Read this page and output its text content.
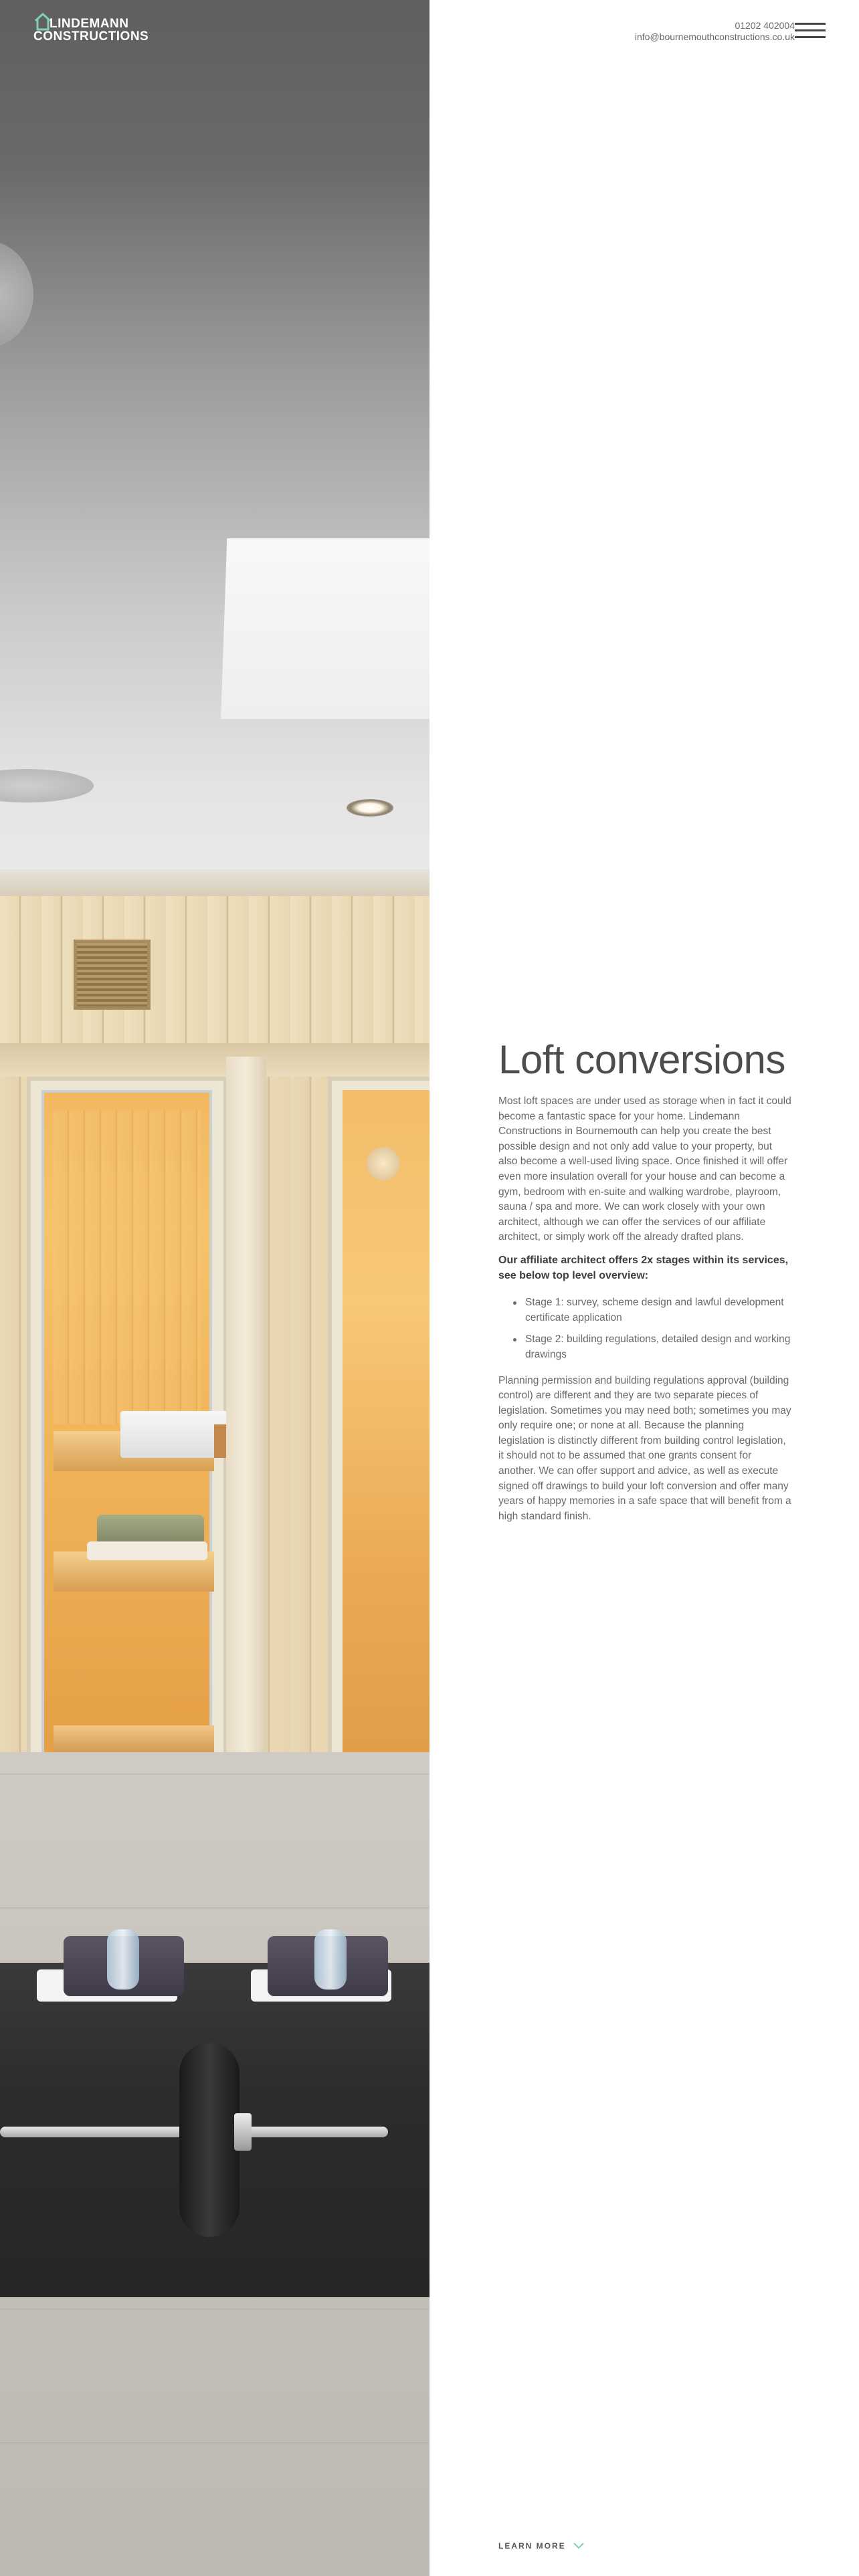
LINDEMANN
CONSTRUCTIONS
01202 402004
info@bournemouthconstructions.co.uk
Loft conversions

Most loft spaces are under used as storage when in fact it could become a fantastic space for your home. Lindemann Constructions in Bournemouth can help you create the best possible design and not only add value to your property, but also become a well-used living space. Once finished it will offer even more insulation overall for your house and can become a gym, bedroom with en-suite and walking wardrobe, playroom, sauna / spa and more. We can work closely with your own architect, although we can offer the services of our affiliate architect, or simply work off the already drafted plans.

Our affiliate architect offers 2x stages within its services, see below top level overview:

Stage 1: survey, scheme design and lawful development certificate application
Stage 2: building regulations, detailed design and working drawings

Planning permission and building regulations approval (building control) are different and they are two separate pieces of legislation. Sometimes you may need both; sometimes you may only require one; or none at all. Because the planning legislation is distinctly different from building control legislation, it should not to be assumed that one grants consent for another. We can offer support and advice, as well as execute signed off drawings to build your loft conversion and offer many years of happy memories in a safe space that will benefit from a high standard finish.

LEARN MORE
